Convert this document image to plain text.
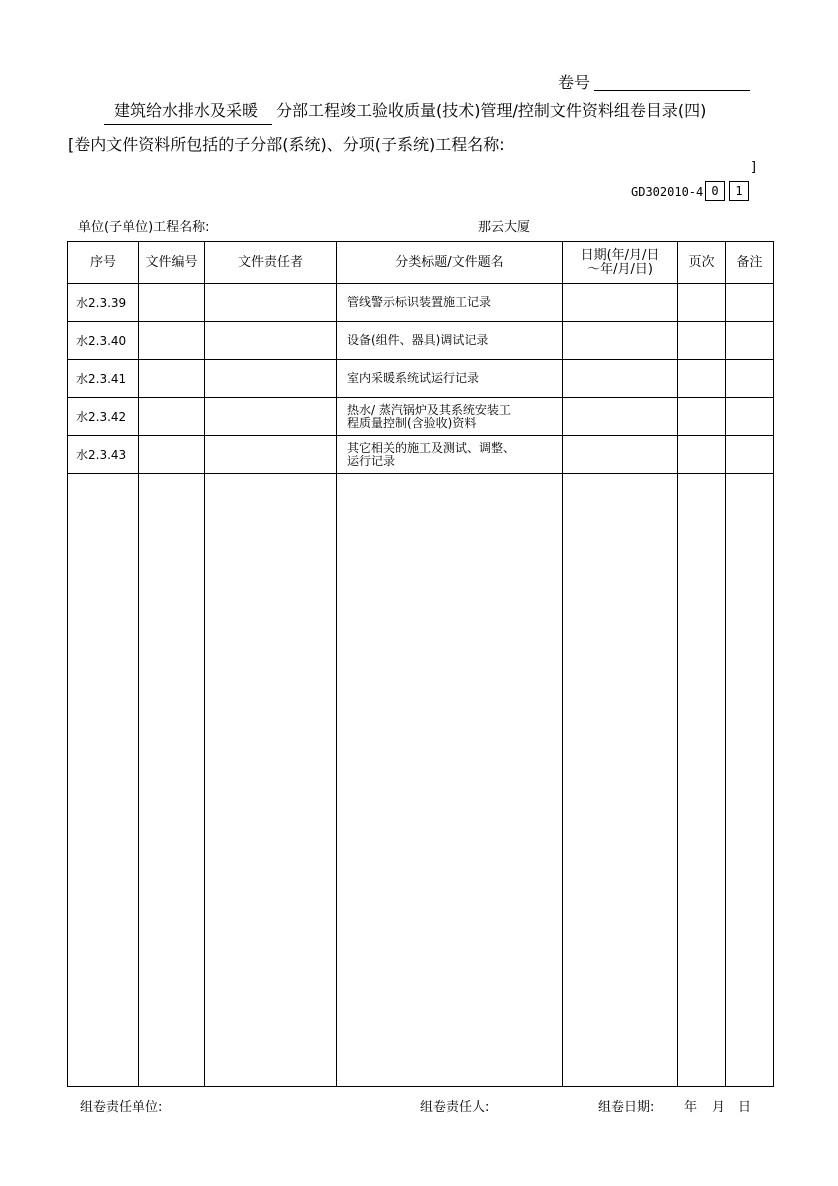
卷号
建筑给水排水及采暖 分部工程竣工验收质量(技术)管理/控制文件资料组卷目录(四)
[卷内文件资料所包括的子分部(系统)、分项(子系统)工程名称:
]
GD302010-4 0	1
单位(子单位)工程名称:	那云大厦
序号	文件编号	文件责任者	分类标题/文件题名	日期(年/月/日
～年/月/日)	页次	备注
水2.3.39			管线警示标识装置施工记录			
水2.3.40			设备(组件、器具)调试记录			
水2.3.41			室内采暖系统试运行记录			
水2.3.42			热水/ 蒸汽锅炉及其系统安装工
程质量控制(含验收)资料			

水2.3.43			其它相关的施工及测试、调整、
运行记录			

组卷责任单位:	组卷责任人:	组卷日期: 年 月 日
